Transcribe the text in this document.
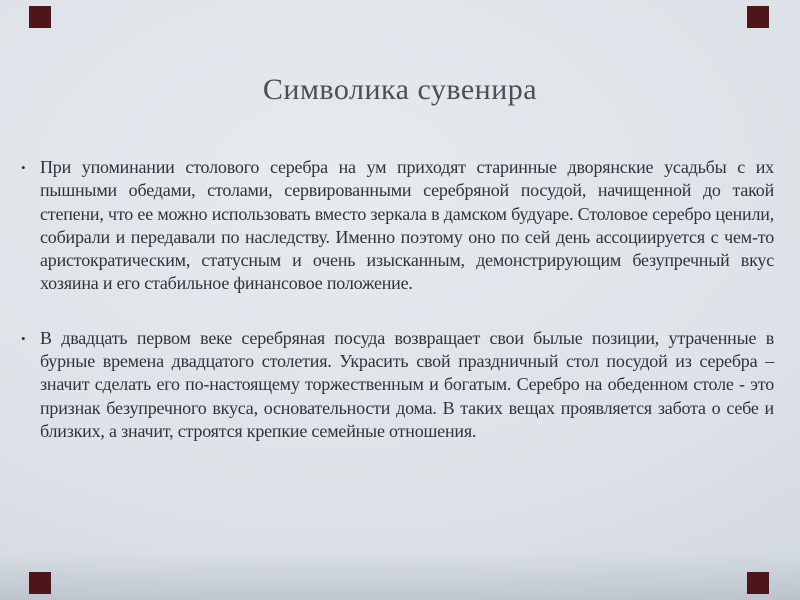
Символика сувенира
• При упоминании столового серебра на ум приходят старинные дворянские усадьбы с их пышными обедами, столами, сервированными серебряной посудой, начищенной до такой степени, что ее можно использовать вместо зеркала в дамском будуаре. Столовое серебро ценили, собирали и передавали по наследству. Именно поэтому оно по сей день ассоциируется с чем-то аристократическим, статусным и очень изысканным, демонстрирующим безупречный вкус хозяина и его стабильное финансовое положение.
• В двадцать первом веке серебряная посуда возвращает свои былые позиции, утраченные в бурные времена двадцатого столетия. Украсить свой праздничный стол посудой из серебра – значит сделать его по-настоящему торжественным и богатым. Серебро на обеденном столе - это признак безупречного вкуса, основательности дома. В таких вещах проявляется забота о себе и близких, а значит, строятся крепкие семейные отношения.
